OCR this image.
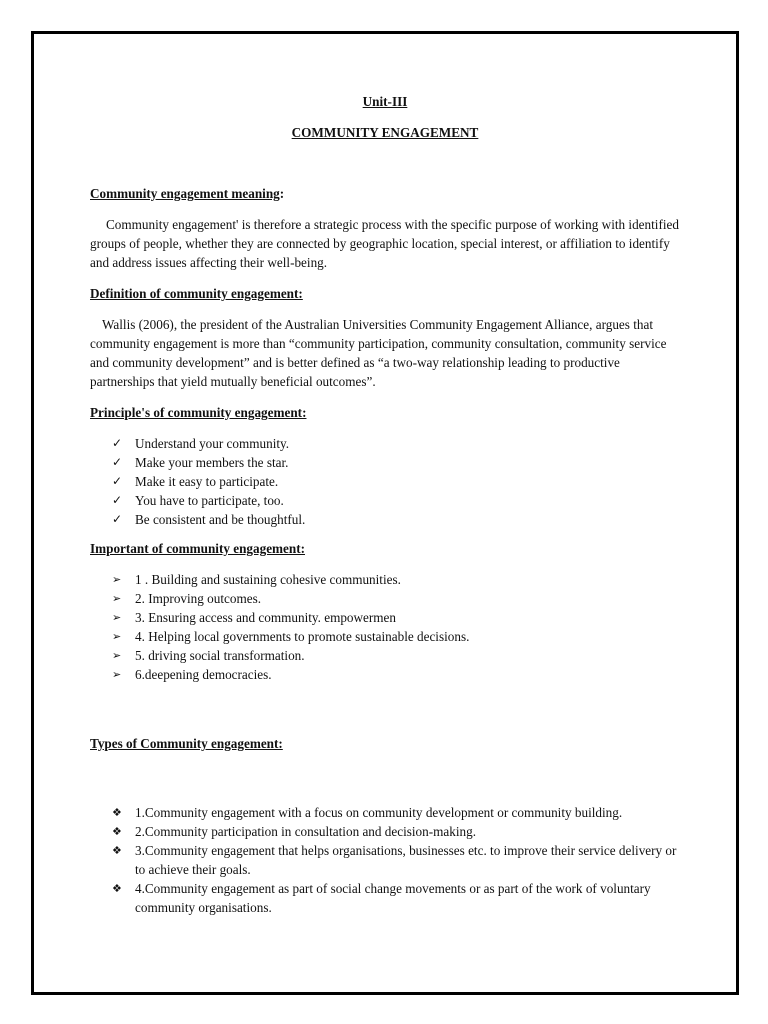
Unit-III
COMMUNITY ENGAGEMENT
Community engagement meaning:

Community engagement' is therefore a strategic process with the specific purpose of working with identified groups of people, whether they are connected by geographic location, special interest, or affiliation to identify and address issues affecting their well-being.

Definition of community engagement:

Wallis (2006), the president of the Australian Universities Community Engagement Alliance, argues that community engagement is more than “community participation, community consultation, community service and community development” and is better defined as “a two-way relationship leading to productive partnerships that yield mutually beneficial outcomes”.

Principle's of community engagement:
✓ Understand your community.
✓ Make your members the star.
✓ Make it easy to participate.
✓ You have to participate, too.
✓ Be consistent and be thoughtful.
Important of community engagement:
➢	1 . Building and sustaining cohesive communities.
➢	2. Improving outcomes.
➢	3. Ensuring access and community. empowermen
➢	4. Helping local governments to promote sustainable decisions.
➢	5. driving social transformation.
➢	6.deepening democracies.
Types of Community engagement:
❖ 1.Community engagement with a focus on community development or community building.
❖ 2.Community participation in consultation and decision-making.
❖ 3.Community engagement that helps organisations, businesses etc. to improve their service delivery or to achieve their goals.
❖ 4.Community engagement as part of social change movements or as part of the work of voluntary community organisations.
